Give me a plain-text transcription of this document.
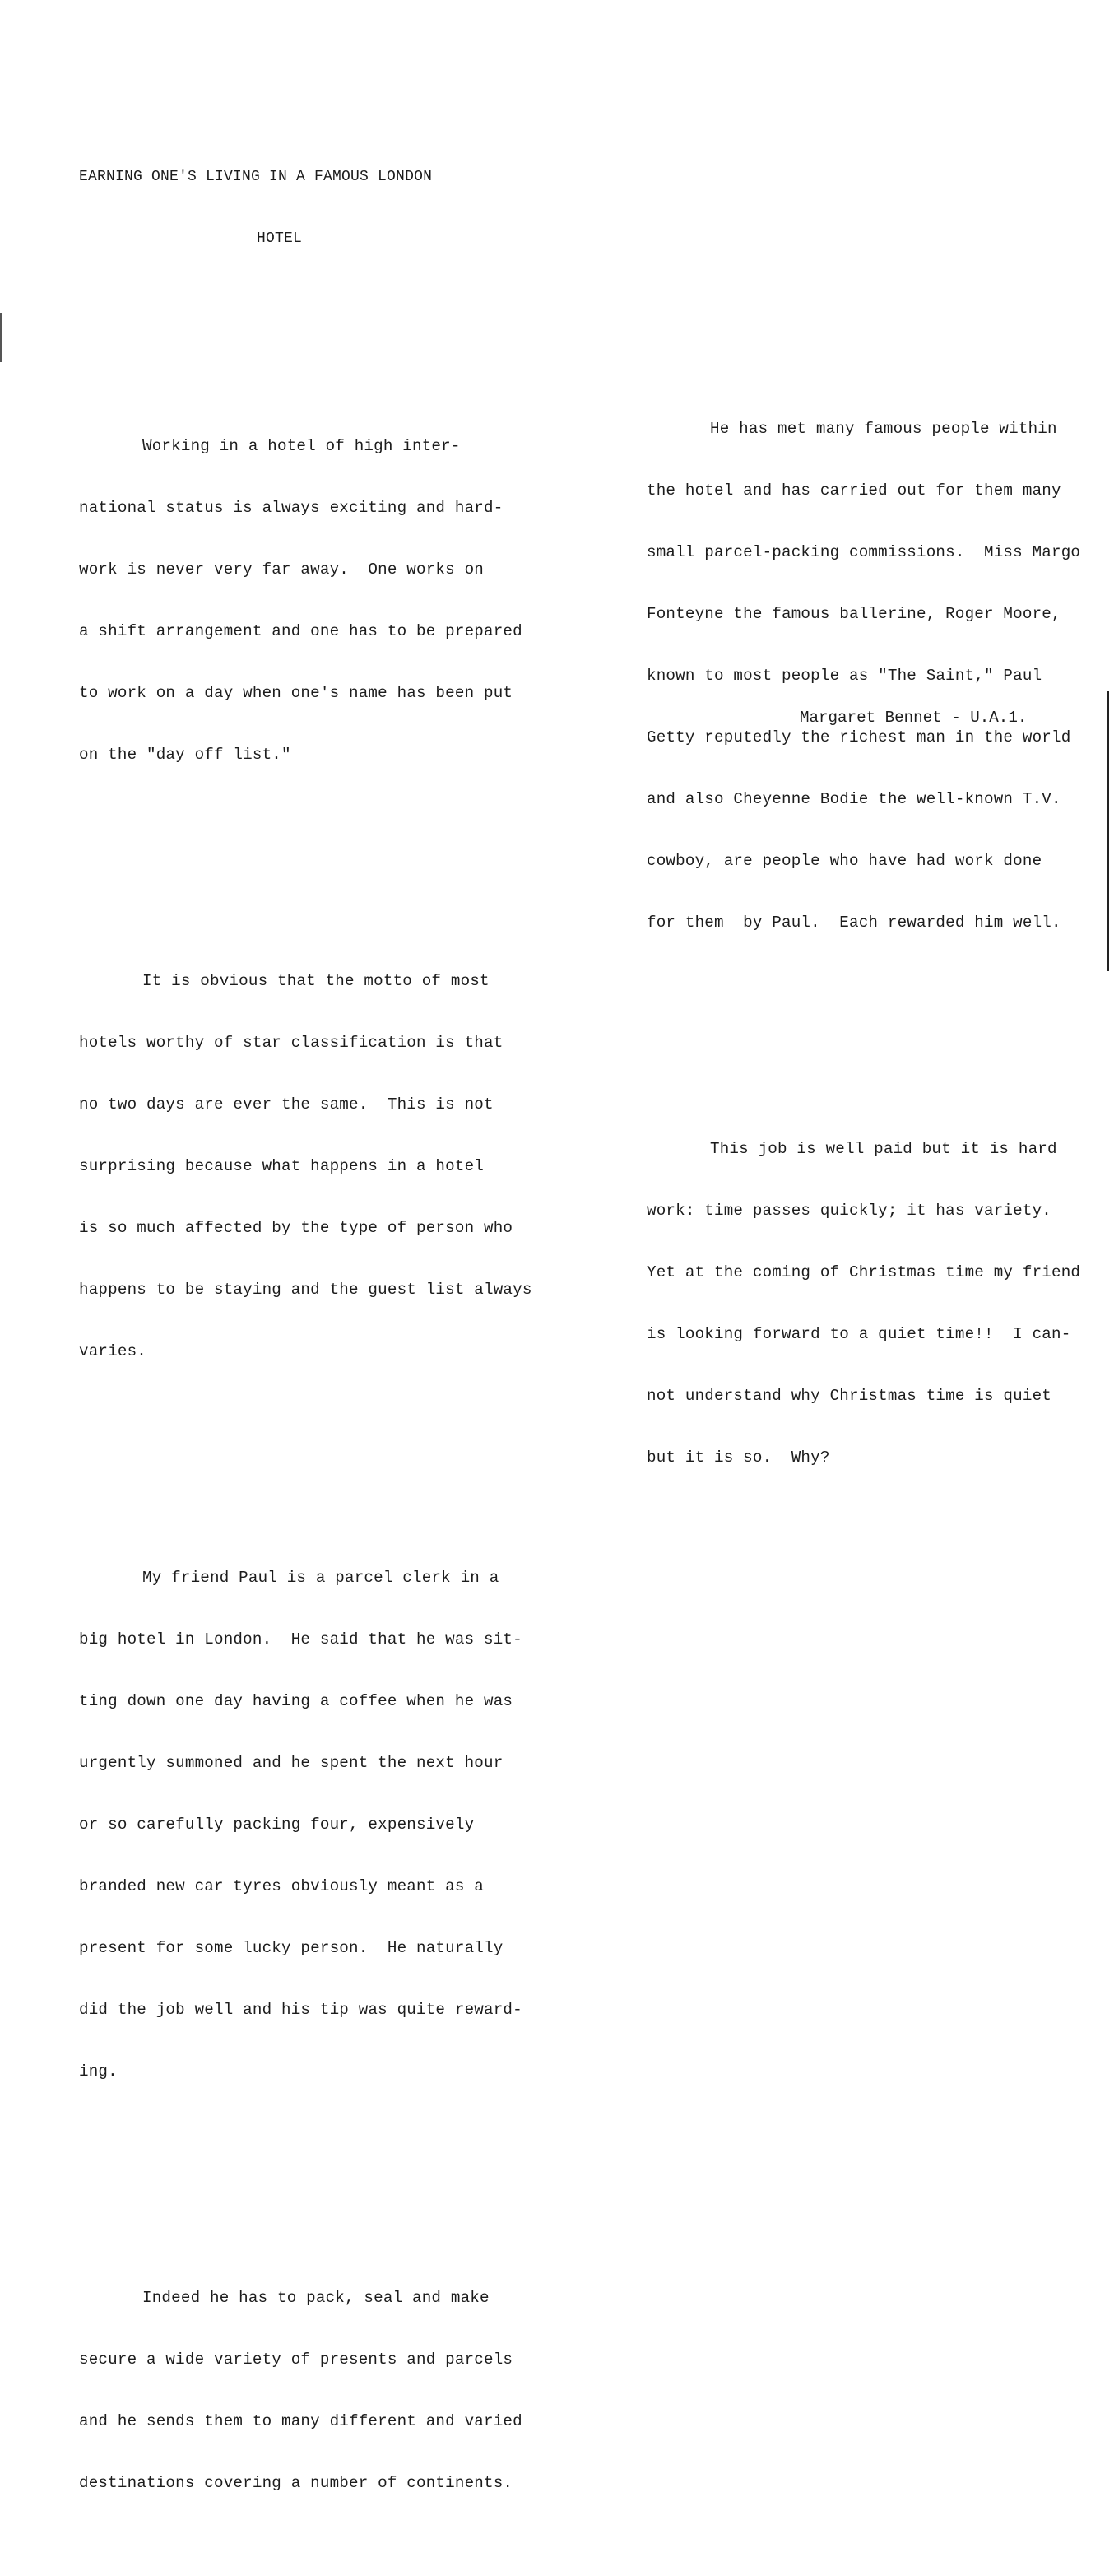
EARNING ONE'S LIVING IN A FAMOUS LONDON

HOTEL

Working in a hotel of high inter-

national status is always exciting and hard-

work is never very far away.  One works on

a shift arrangement and one has to be prepared

to work on a day when one's name has been put

on the "day off list."

It is obvious that the motto of most

hotels worthy of star classification is that

no two days are ever the same.  This is not

surprising because what happens in a hotel

is so much affected by the type of person who

happens to be staying and the guest list always

varies.

My friend Paul is a parcel clerk in a

big hotel in London.  He said that he was sit-

ting down one day having a coffee when he was

urgently summoned and he spent the next hour

or so carefully packing four, expensively

branded new car tyres obviously meant as a

present for some lucky person.  He naturally

did the job well and his tip was quite reward-

ing.

Indeed he has to pack, seal and make

secure a wide variety of presents and parcels

and he sends them to many different and varied

destinations covering a number of continents.

He has met many famous people within

the hotel and has carried out for them many

small parcel-packing commissions.  Miss Margo

Fonteyne the famous ballerine, Roger Moore,

known to most people as "The Saint," Paul

Getty reputedly the richest man in the world

and also Cheyenne Bodie the well-known T.V.

cowboy, are people who have had work done

for them  by Paul.  Each rewarded him well.

This job is well paid but it is hard

work: time passes quickly; it has variety.

Yet at the coming of Christmas time my friend

is looking forward to a quiet time!!  I can-

not understand why Christmas time is quiet

but it is so.  Why?

Margaret Bennet - U.A.1.
